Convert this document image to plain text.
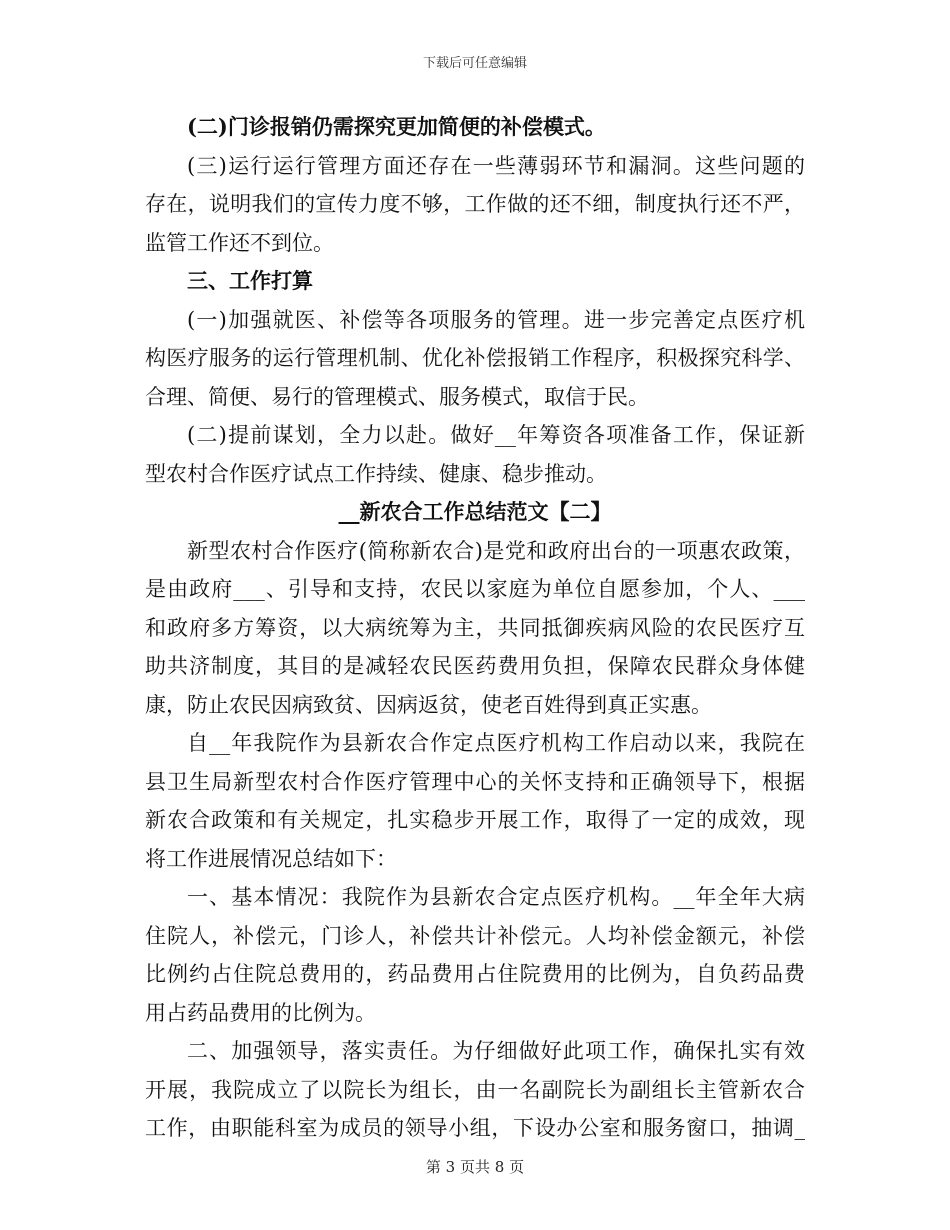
下载后可任意编辑
(二)门诊报销仍需探究更加简便的补偿模式。
(三)运行运行管理方面还存在一些薄弱环节和漏洞。这些问题的
存在，说明我们的宣传力度不够，工作做的还不细，制度执行还不严，
监管工作还不到位。
三、工作打算
(一)加强就医、补偿等各项服务的管理。进一步完善定点医疗机
构医疗服务的运行管理机制、优化补偿报销工作程序，积极探究科学、
合理、简便、易行的管理模式、服务模式，取信于民。
(二)提前谋划，全力以赴。做好__年筹资各项准备工作，保证新
型农村合作医疗试点工作持续、健康、稳步推动。
__新农合工作总结范文【二】
新型农村合作医疗(简称新农合)是党和政府出台的一项惠农政策，
是由政府___、引导和支持，农民以家庭为单位自愿参加，个人、___
和政府多方筹资，以大病统筹为主，共同抵御疾病风险的农民医疗互
助共济制度，其目的是减轻农民医药费用负担，保障农民群众身体健
康，防止农民因病致贫、因病返贫，使老百姓得到真正实惠。
自__年我院作为县新农合作定点医疗机构工作启动以来，我院在
县卫生局新型农村合作医疗管理中心的关怀支持和正确领导下，根据
新农合政策和有关规定，扎实稳步开展工作，取得了一定的成效，现
将工作进展情况总结如下：
一、基本情况：我院作为县新农合定点医疗机构。__年全年大病
住院人，补偿元，门诊人，补偿共计补偿元。人均补偿金额元，补偿
比例约占住院总费用的，药品费用占住院费用的比例为，自负药品费
用占药品费用的比例为。
二、加强领导，落实责任。为仔细做好此项工作，确保扎实有效
开展，我院成立了以院长为组长，由一名副院长为副组长主管新农合
工作，由职能科室为成员的领导小组，下设办公室和服务窗口，抽调_
第 3 页共 8 页
